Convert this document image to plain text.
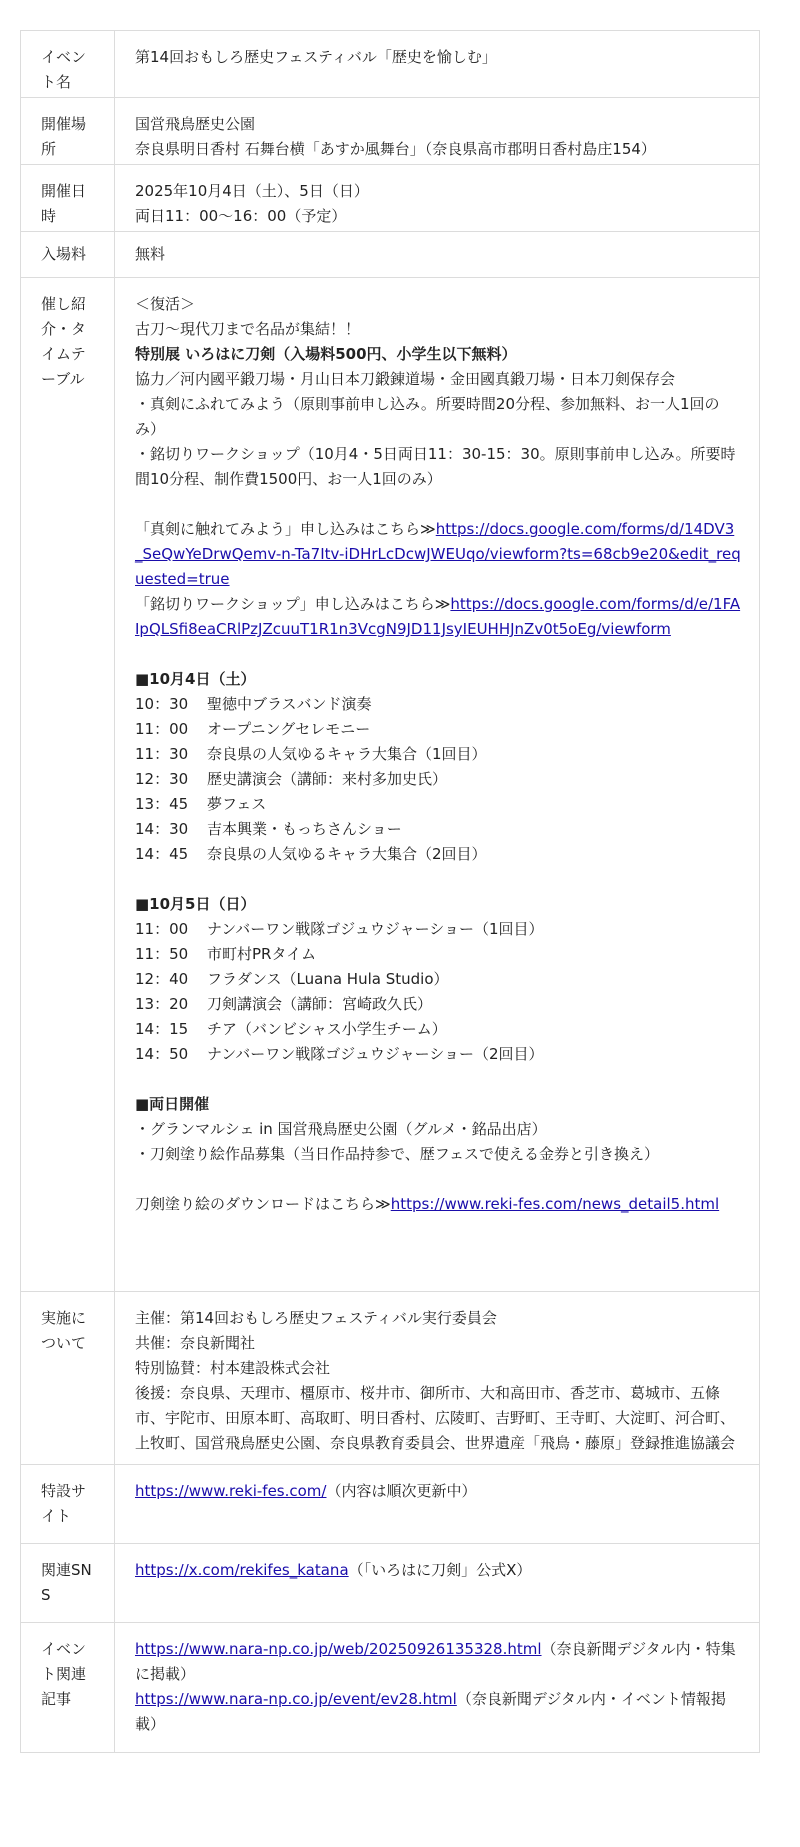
イベント名
第14回おもしろ歴史フェスティバル「歴史を愉しむ」
開催場所
国営飛鳥歴史公園
奈良県明日香村 石舞台横「あすか風舞台」（奈良県高市郡明日香村島庄154）
開催日時
2025年10月4日（土）、5日（日）
両日11：00〜16：00（予定）
入場料	無料
催し紹介・タイムテーブル
＜復活＞
古刀〜現代刀まで名品が集結！！
特別展 いろはに刀剣（入場料500円、小学生以下無料）
協力／河内國平鍛刀場・月山日本刀鍛錬道場・金田國真鍛刀場・日本刀剣保存会
・真剣にふれてみよう（原則事前申し込み。所要時間20分程、参加無料、お一人1回のみ）
・銘切りワークショップ（10月4・5日両日11：30-15：30。原則事前申し込み。所要時間10分程、制作費1500円、お一人1回のみ）
「真剣に触れてみよう」申し込みはこちら≫https://docs.google.com/forms/d/14DV3_SeQwYeDrwQemv-n-Ta7Itv-iDHrLcDcwJWEUqo/viewform?ts=68cb9e20&edit_requested=true
「銘切りワークショップ」申し込みはこちら≫https://docs.google.com/forms/d/e/1FAIpQLSfi8eaCRlPzJZcuuT1R1n3VcgN9JD11JsyIEUHHJnZv0t5oEg/viewform
■10月4日（土）
10：30 聖徳中ブラスバンド演奏
11：00 オープニングセレモニー
11：30 奈良県の人気ゆるキャラ大集合（1回目）
12：30 歴史講演会（講師：来村多加史氏）
13：45 夢フェス
14：30 吉本興業・もっちさんショー
14：45 奈良県の人気ゆるキャラ大集合（2回目）
■10月5日（日）
11：00 ナンバーワン戦隊ゴジュウジャーショー（1回目）
11：50 市町村PRタイム
12：40 フラダンス（Luana Hula Studio）
13：20 刀剣講演会（講師：宮崎政久氏）
14：15 チア（バンビシャス小学生チーム）
14：50 ナンバーワン戦隊ゴジュウジャーショー（2回目）
■両日開催
・グランマルシェ in 国営飛鳥歴史公園（グルメ・銘品出店）
・刀剣塗り絵作品募集（当日作品持参で、歴フェスで使える金券と引き換え）
刀剣塗り絵のダウンロードはこちら≫https://www.reki-fes.com/news_detail5.html
実施について
主催：第14回おもしろ歴史フェスティバル実行委員会
共催：奈良新聞社
特別協賛：村本建設株式会社
後援：奈良県、天理市、橿原市、桜井市、御所市、大和高田市、香芝市、葛城市、五條市、宇陀市、田原本町、高取町、明日香村、広陵町、吉野町、王寺町、大淀町、河合町、上牧町、国営飛鳥歴史公園、奈良県教育委員会、世界遺産「飛鳥・藤原」登録推進協議会
特設サイト
https://www.reki-fes.com/（内容は順次更新中）
関連SNS
https://x.com/rekifes_katana（「いろはに刀剣」公式X）
イベント関連記事
https://www.nara-np.co.jp/web/20250926135328.html（奈良新聞デジタル内・特集に掲載）
https://www.nara-np.co.jp/event/ev28.html（奈良新聞デジタル内・イベント情報掲載）
